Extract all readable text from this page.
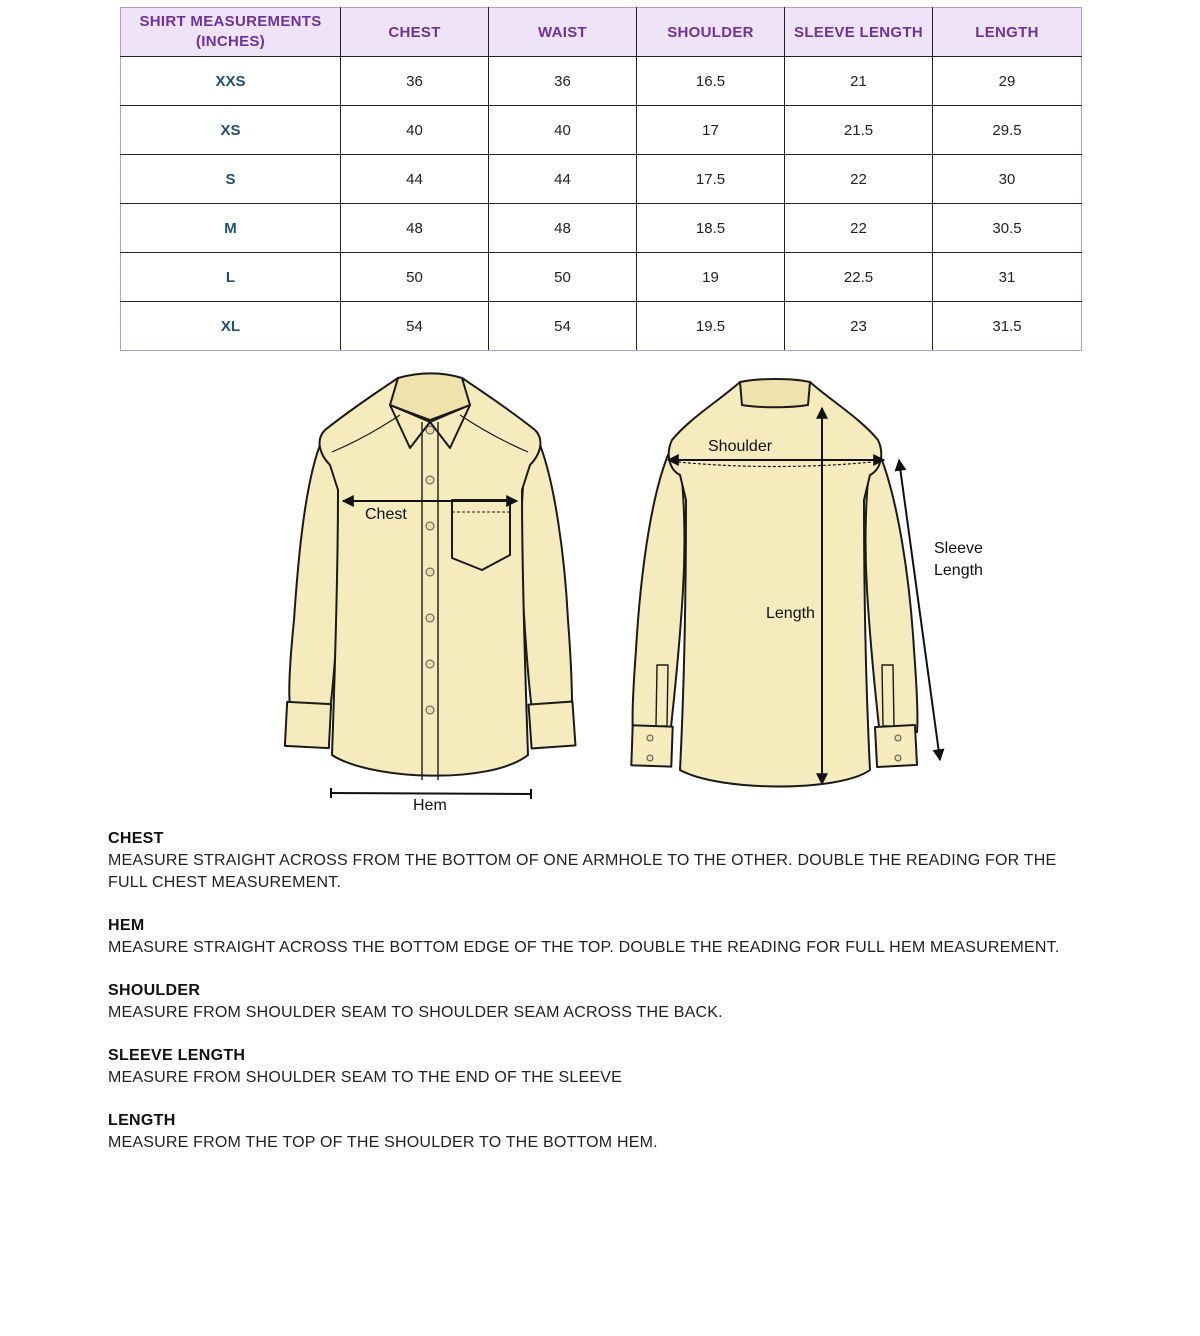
SHIRT MEASUREMENTS
(INCHES)	CHEST	WAIST	SHOULDER	SLEEVE LENGTH	LENGTH
XXS	36	36	16.5	21	29
XS	40	40	17	21.5	29.5
S	44	44	17.5	22	30
M	48	48	18.5	22	30.5
L	50	50	19	22.5	31
XL	54	54	19.5	23	31.5
Chest
Hem
Shoulder
Length
Sleeve
Length
CHEST
MEASURE STRAIGHT ACROSS FROM THE BOTTOM OF ONE ARMHOLE TO THE OTHER. DOUBLE THE READING FOR THE FULL CHEST MEASUREMENT.
HEM
MEASURE STRAIGHT ACROSS THE BOTTOM EDGE OF THE TOP. DOUBLE THE READING FOR FULL HEM MEASUREMENT.
SHOULDER
MEASURE FROM SHOULDER SEAM TO SHOULDER SEAM ACROSS THE BACK.
SLEEVE LENGTH
MEASURE FROM SHOULDER SEAM TO THE END OF THE SLEEVE
LENGTH
MEASURE FROM THE TOP OF THE SHOULDER TO THE BOTTOM HEM.
